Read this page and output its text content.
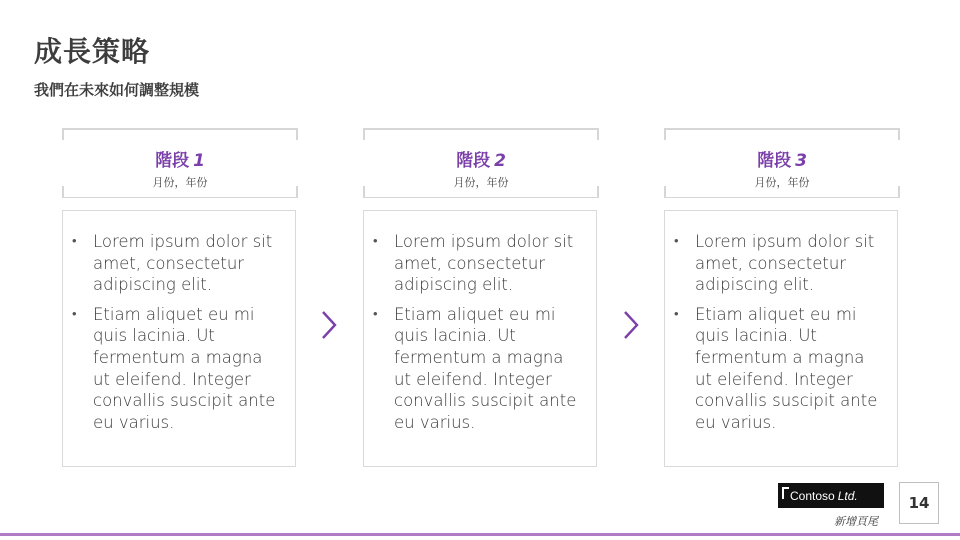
成長策略
我們在未來如何調整規模
階段 1
月份，年份
• Lorem ipsum dolor sit amet, consectetur adipiscing elit.
• Etiam aliquet eu mi quis lacinia. Ut fermentum a magna ut eleifend. Integer convallis suscipit ante eu varius.
階段 2
月份，年份
• Lorem ipsum dolor sit amet, consectetur adipiscing elit.
• Etiam aliquet eu mi quis lacinia. Ut fermentum a magna ut eleifend. Integer convallis suscipit ante eu varius.
階段 3
月份，年份
• Lorem ipsum dolor sit amet, consectetur adipiscing elit.
• Etiam aliquet eu mi quis lacinia. Ut fermentum a magna ut eleifend. Integer convallis suscipit ante eu varius.
Contoso Ltd.
新增頁尾
14
